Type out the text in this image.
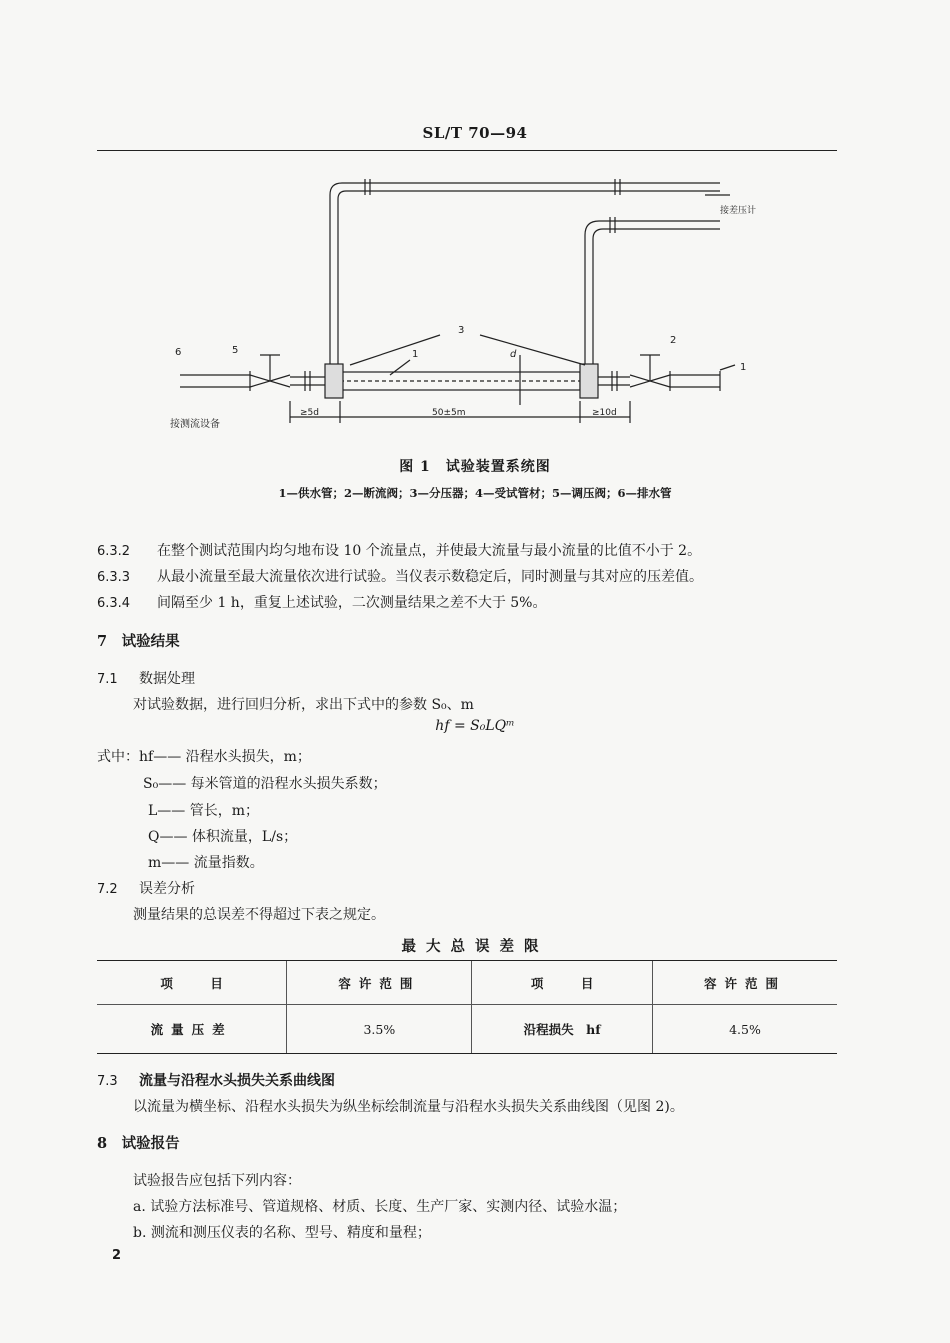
SL/T 70—94
6	5
3
1	d
2
1
≥5d	50±5m	≥10d
接测流设备
接差压计
图 1　试验装置系统图
1—供水管；2—断流阀；3—分压器；4—受试管材；5—调压阀；6—排水管
6.3.2 在整个测试范围内均匀地布设 10 个流量点，并使最大流量与最小流量的比值不小于 2。
6.3.3 从最小流量至最大流量依次进行试验。当仪表示数稳定后，同时测量与其对应的压差值。
6.3.4 间隔至少 1 h，重复上述试验，二次测量结果之差不大于 5%。
7　试验结果
7.1 数据处理
对试验数据，进行回归分析，求出下式中的参数 S₀、m
hf = S₀LQᵐ
式中：hf—— 沿程水头损失，m；
S₀—— 每米管道的沿程水头损失系数；
L—— 管长，m；
Q—— 体积流量，L/s；
m—— 流量指数。
7.2 误差分析
测量结果的总误差不得超过下表之规定。
最大总误差限
项　　　目	容许范围	项　　　目	容许范围
流量压差	3.5%	沿程损失　hf	4.5%
7.3 流量与沿程水头损失关系曲线图
以流量为横坐标、沿程水头损失为纵坐标绘制流量与沿程水头损失关系曲线图（见图 2)。
8　试验报告
试验报告应包括下列内容：
a. 试验方法标准号、管道规格、材质、长度、生产厂家、实测内径、试验水温；
b. 测流和测压仪表的名称、型号、精度和量程；
2
